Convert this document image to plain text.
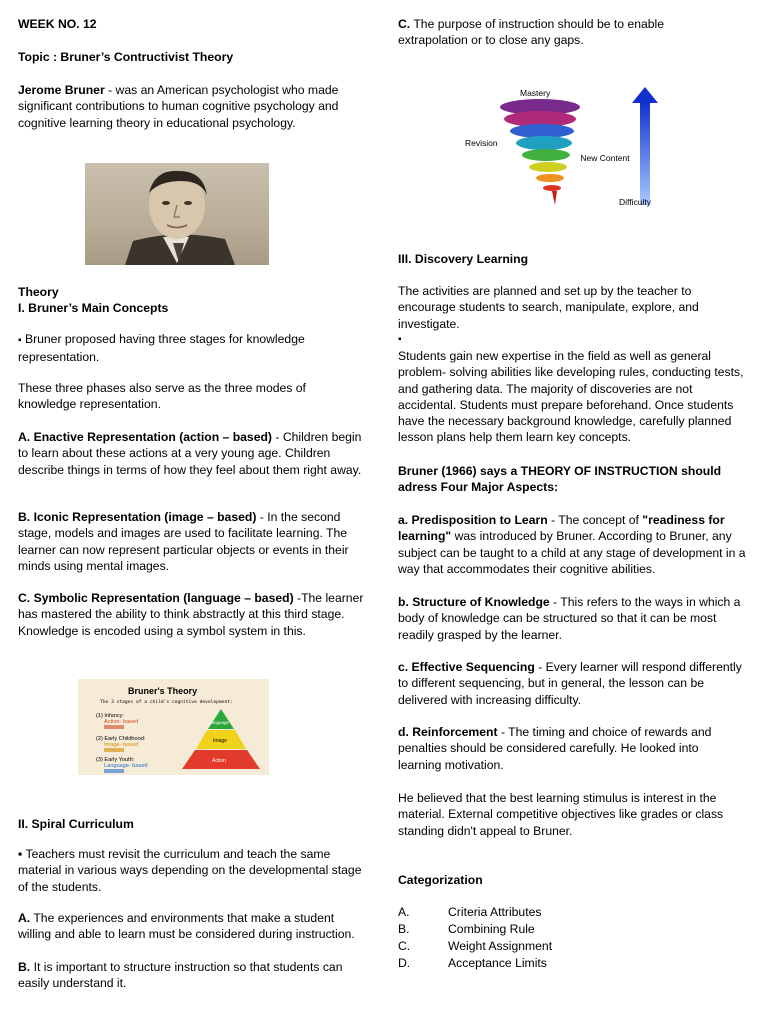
WEEK NO. 12

Topic : Bruner’s Contructivist Theory

Jerome Bruner - was an American psychologist who made significant contributions to human cognitive psychology and cognitive learning theory in educational psychology.

Theory

I. Bruner’s Main Concepts

▪ Bruner proposed having three stages for knowledge representation.

These three phases also serve as the three modes of knowledge representation.

A. Enactive Representation (action – based) - Children begin to learn about these actions at a very young age. Children describe things in terms of how they feel about them right away.

B. Iconic Representation (image – based) - In the second stage, models and images are used to facilitate learning. The learner can now represent particular objects or events in their minds using mental images.

C. Symbolic Representation (language – based) -The learner has mastered the ability to think abstractly at this third stage. Knowledge is encoded using a symbol system in this.

II. Spiral Curriculum

▪ Teachers must revisit the curriculum and teach the same material in various ways depending on the developmental stage of the students.

A. The experiences and environments that make a student willing and able to learn must be considered during instruction.

B. It is important to structure instruction so that students can easily understand it.

Bruner's Theory
The 3 stages of a child's cognitive development:
(1) Infancy:
Action- based
(2) Early Childhood:
Image- based
(3) Early Youth:
Language- based
Language
Image
Action

C. The purpose of instruction should be to enable extrapolation or to close any gaps.

III. Discovery Learning

The activities are planned and set up by the teacher to encourage students to search, manipulate, explore, and investigate.

▪

Students gain new expertise in the field as well as general problem- solving abilities like developing rules, conducting tests, and gathering data. The majority of discoveries are not accidental. Students must prepare beforehand. Once students have the necessary background knowledge, carefully planned lesson plans help them learn key concepts.

Bruner (1966) says a THEORY OF INSTRUCTION should adress Four Major Aspects:

a. Predisposition to Learn - The concept of "readiness for learning" was introduced by Bruner. According to Bruner, any subject can be taught to a child at any stage of development in a way that accommodates their cognitive abilities.

b. Structure of Knowledge - This refers to the ways in which a body of knowledge can be structured so that it can be most readily grasped by the learner.

c. Effective Sequencing - Every learner will respond differently to different sequencing, but in general, the lesson can be delivered with increasing difficulty.

d. Reinforcement - The timing and choice of rewards and penalties should be considered carefully. He looked into learning motivation.

He believed that the best learning stimulus is interest in the material. External competitive objectives like grades or class standing didn't appeal to Bruner.

Categorization

A.	Criteria Attributes
B.	Combining Rule
C.	Weight Assignment
D.	Acceptance Limits
Mastery
Revision
New Content
Difficulty
